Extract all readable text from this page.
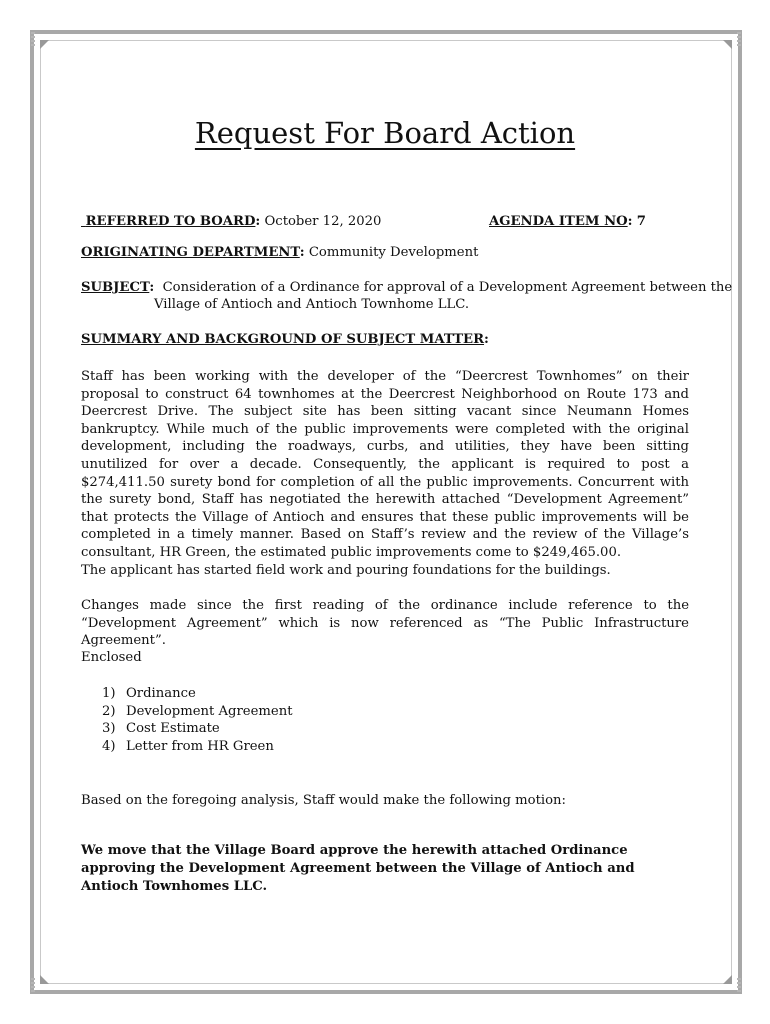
Request For Board Action
REFERRED TO BOARD: October 12, 2020	AGENDA ITEM NO: 7
ORIGINATING DEPARTMENT: Community Development
SUBJECT: Consideration of a Ordinance for approval of a Development Agreement between the
Village of Antioch and Antioch Townhome LLC.
SUMMARY AND BACKGROUND OF SUBJECT MATTER:
Staff has been working with the developer of the “Deercrest Townhomes” on their proposal to construct 64 townhomes at the Deercrest Neighborhood on Route 173 and Deercrest Drive. The subject site has been sitting vacant since Neumann Homes bankruptcy. While much of the public improvements were completed with the original development, including the roadways, curbs, and utilities, they have been sitting unutilized for over a decade. Consequently, the applicant is required to post a $274,411.50 surety bond for completion of all the public improvements. Concurrent with the surety bond, Staff has negotiated the herewith attached “Development Agreement” that protects the Village of Antioch and ensures that these public improvements will be completed in a timely manner. Based on Staff’s review and the review of the Village’s consultant, HR Green, the estimated public improvements come to $249,465.00.
The applicant has started field work and pouring foundations for the buildings.
Changes made since the first reading of the ordinance include reference to the “Development Agreement” which is now referenced as “The Public Infrastructure Agreement”.
Enclosed
1) Ordinance
2) Development Agreement
3) Cost Estimate
4) Letter from HR Green
Based on the foregoing analysis, Staff would make the following motion:
We move that the Village Board approve the herewith attached Ordinance approving the Development Agreement between the Village of Antioch and Antioch Townhomes LLC.
